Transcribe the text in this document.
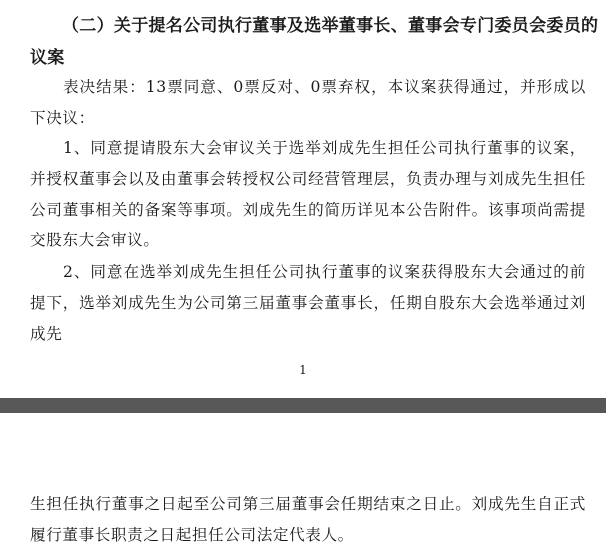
（二）关于提名公司执行董事及选举董事长、董事会专门委员会委员的议案
表决结果：13票同意、0票反对、0票弃权，本议案获得通过，并形成以下决议：
1、同意提请股东大会审议关于选举刘成先生担任公司执行董事的议案，并授权董事会以及由董事会转授权公司经营管理层，负责办理与刘成先生担任公司董事相关的备案等事项。刘成先生的简历详见本公告附件。该事项尚需提交股东大会审议。
2、同意在选举刘成先生担任公司执行董事的议案获得股东大会通过的前提下，选举刘成先生为公司第三届董事会董事长，任期自股东大会选举通过刘成先
1
生担任执行董事之日起至公司第三届董事会任期结束之日止。刘成先生自正式履行董事长职责之日起担任公司法定代表人。
